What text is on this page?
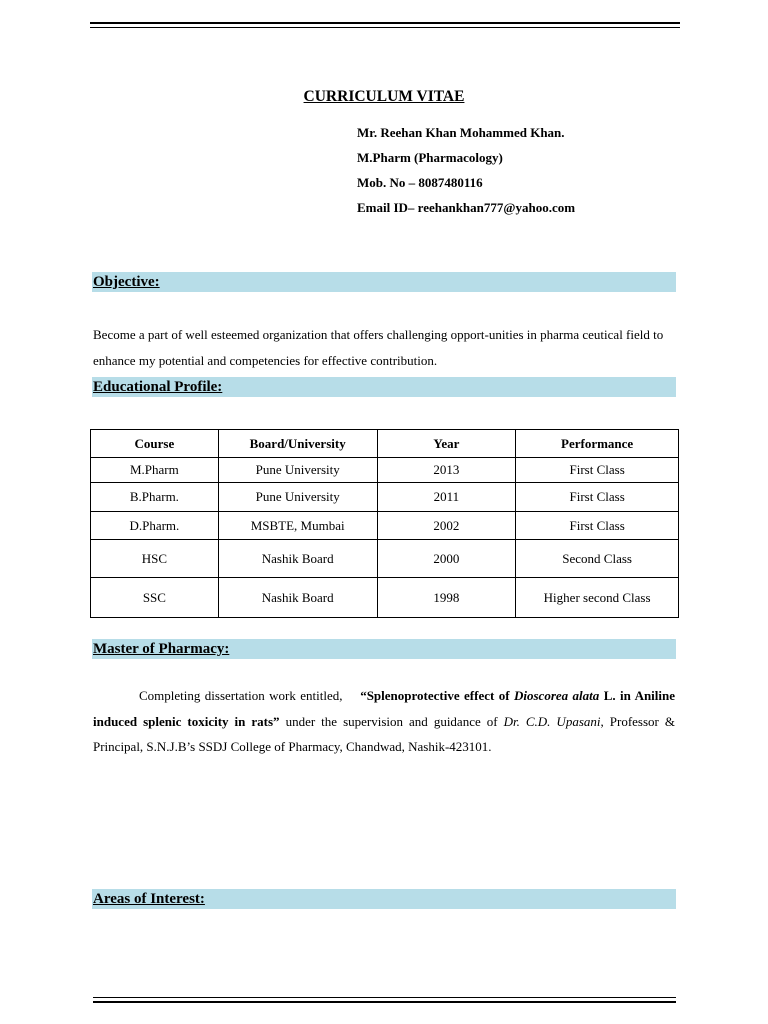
CURRICULUM VITAE
Mr. Reehan Khan Mohammed Khan.
M.Pharm (Pharmacology)
Mob. No – 8087480116
Email ID– reehankhan777@yahoo.com
Objective:
Become a part of well esteemed organization that offers challenging opport-unities in pharma ceutical field to enhance my potential and competencies for effective contribution.
Educational Profile:
Course	Board/University	Year	Performance
M.Pharm	Pune University	2013	First Class
B.Pharm.	Pune University	2011	First Class
D.Pharm.	MSBTE, Mumbai	2002	First Class
HSC	Nashik Board	2000	Second Class
SSC	Nashik Board	1998	Higher second Class
Master of Pharmacy:
Completing dissertation work entitled, “Splenoprotective effect of Dioscorea alata L. in Aniline induced splenic toxicity in rats” under the supervision and guidance of Dr. C.D. Upasani, Professor & Principal, S.N.J.B’s SSDJ College of Pharmacy, Chandwad, Nashik-423101.
Areas of Interest:
